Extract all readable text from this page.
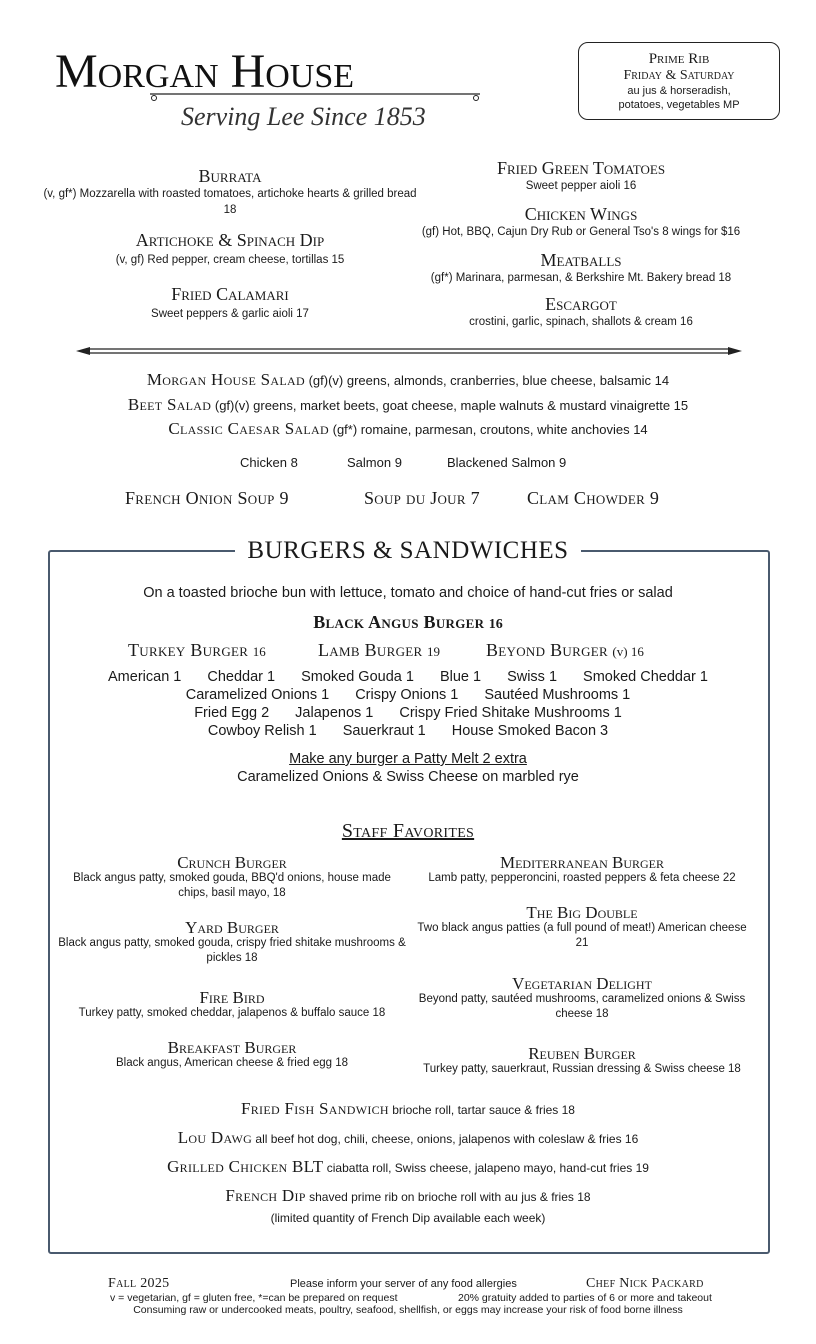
Morgan House
Serving Lee Since 1853
Prime Rib
Friday & Saturday
au jus & horseradish,
potatoes, vegetables MP
Burrata
(v, gf*) Mozzarella with roasted tomatoes, artichoke hearts & grilled bread 18
Artichoke & Spinach Dip
(v, gf) Red pepper, cream cheese, tortillas 15
Fried Calamari
Sweet peppers & garlic aioli 17
Fried Green Tomatoes
Sweet pepper aioli 16
Chicken Wings
(gf) Hot, BBQ, Cajun Dry Rub or General Tso's 8 wings for $16
Meatballs
(gf*) Marinara, parmesan, & Berkshire Mt. Bakery bread 18
Escargot
crostini, garlic, spinach, shallots & cream 16
Morgan House Salad (gf)(v) greens, almonds, cranberries, blue cheese, balsamic 14
Beet Salad (gf)(v) greens, market beets, goat cheese, maple walnuts & mustard vinaigrette 15
Classic Caesar Salad (gf*) romaine, parmesan, croutons, white anchovies 14
Chicken 8	Salmon 9	Blackened Salmon 9
French Onion Soup 9	Soup du Jour 7	Clam Chowder 9
BURGERS & SANDWICHES
On a toasted brioche bun with lettuce, tomato and choice of hand-cut fries or salad
Black Angus Burger 16
Turkey Burger 16	Lamb Burger 19	Beyond Burger (v) 16
American 1 Cheddar 1 Smoked Gouda 1 Blue 1 Swiss 1 Smoked Cheddar 1
Caramelized Onions 1 Crispy Onions 1 Sautéed Mushrooms 1
Fried Egg 2 Jalapenos 1 Crispy Fried Shitake Mushrooms 1
Cowboy Relish 1 Sauerkraut 1 House Smoked Bacon 3
Make any burger a Patty Melt 2 extra
Caramelized Onions & Swiss Cheese on marbled rye
Staff Favorites
Crunch Burger
Black angus patty, smoked gouda, BBQ'd onions, house made chips, basil mayo, 18
Yard Burger
Black angus patty, smoked gouda, crispy fried shitake mushrooms & pickles 18
Fire Bird
Turkey patty, smoked cheddar, jalapenos & buffalo sauce 18
Breakfast Burger
Black angus, American cheese & fried egg 18
Mediterranean Burger
Lamb patty, pepperoncini, roasted peppers & feta cheese 22
The Big Double
Two black angus patties (a full pound of meat!) American cheese 21
Vegetarian Delight
Beyond patty, sautéed mushrooms, caramelized onions & Swiss cheese 18
Reuben Burger
Turkey patty, sauerkraut, Russian dressing & Swiss cheese 18
Fried Fish Sandwich brioche roll, tartar sauce & fries 18
Lou Dawg all beef hot dog, chili, cheese, onions, jalapenos with coleslaw & fries 16
Grilled Chicken BLT ciabatta roll, Swiss cheese, jalapeno mayo, hand-cut fries 19
French Dip shaved prime rib on brioche roll with au jus & fries 18
(limited quantity of French Dip available each week)
Fall 2025	Please inform your server of any food allergies	Chef Nick Packard
v = vegetarian, gf = gluten free, *=can be prepared on request	20% gratuity added to parties of 6 or more and takeout
Consuming raw or undercooked meats, poultry, seafood, shellfish, or eggs may increase your risk of food borne illness
